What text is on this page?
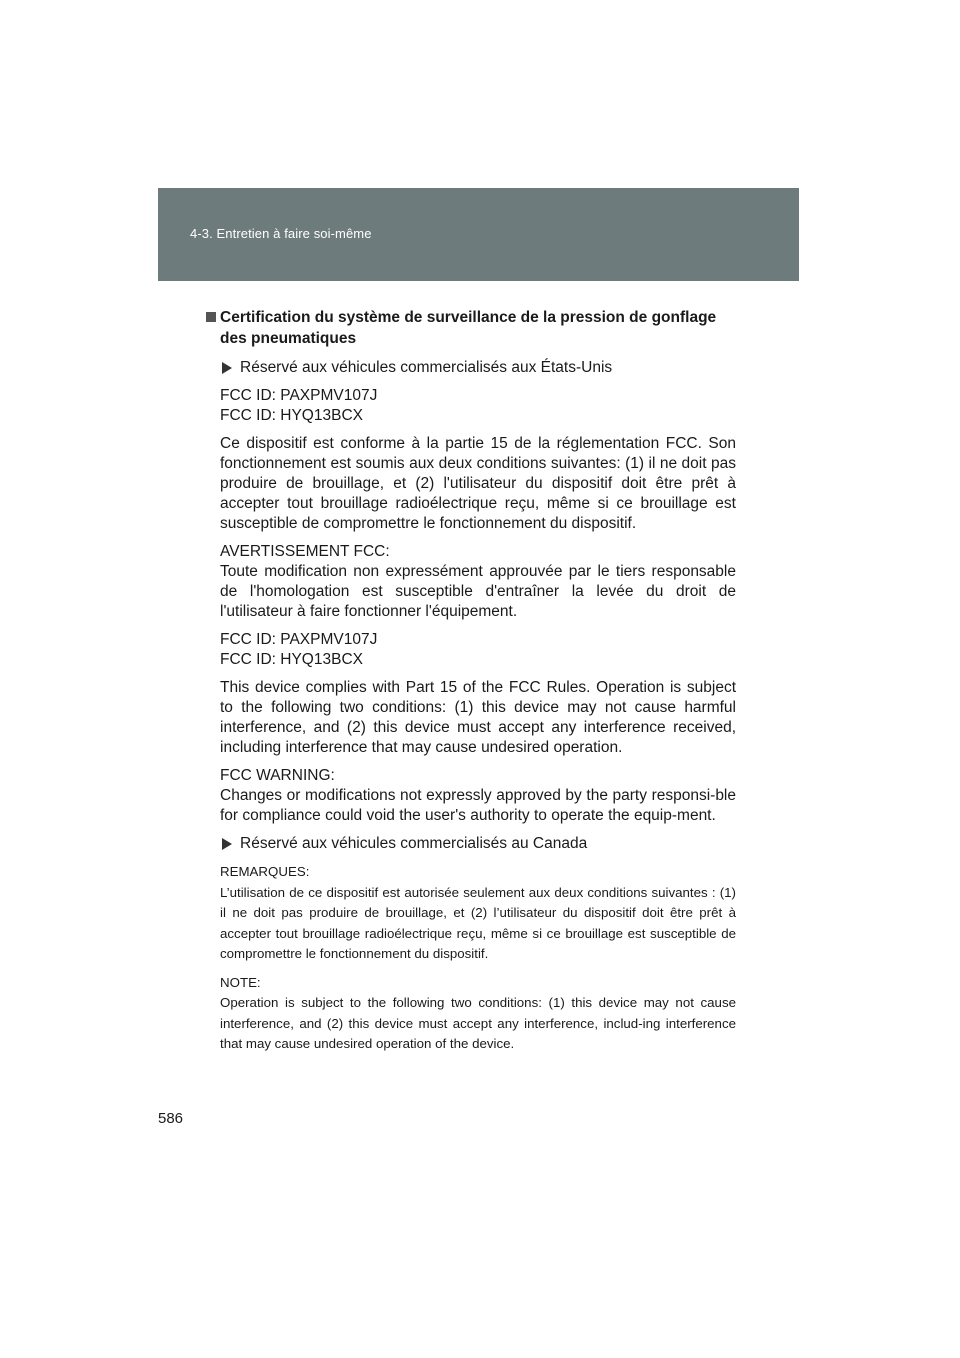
4-3. Entretien à faire soi-même
Certification du système de surveillance de la pression de gonflage
des pneumatiques
Réservé aux véhicules commercialisés aux États-Unis
FCC ID: PAXPMV107J
FCC ID: HYQ13BCX
Ce dispositif est conforme à la partie 15 de la réglementation FCC. Son fonctionnement est soumis aux deux conditions suivantes: (1) il ne doit pas produire de brouillage, et (2) l'utilisateur du dispositif doit être prêt à accepter tout brouillage radioélectrique reçu, même si ce brouillage est susceptible de compromettre le fonctionnement du dispositif.
AVERTISSEMENT FCC:
Toute modification non expressément approuvée par le tiers responsable de l'homologation est susceptible d'entraîner la levée du droit de l'utilisateur à faire fonctionner l'équipement.
FCC ID: PAXPMV107J
FCC ID: HYQ13BCX
This device complies with Part 15 of the FCC Rules. Operation is subject to the following two conditions: (1) this device may not cause harmful interference, and (2) this device must accept any interference received, including interference that may cause undesired operation.
FCC WARNING:
Changes or modifications not expressly approved by the party responsi-ble for compliance could void the user's authority to operate the equip-ment.
Réservé aux véhicules commercialisés au Canada
REMARQUES:
L’utilisation de ce dispositif est autorisée seulement aux deux conditions suivantes : (1) il ne doit pas produire de brouillage, et (2) l’utilisateur du dispositif doit être prêt à accepter tout brouillage radioélectrique reçu, même si ce brouillage est susceptible de compromettre le fonctionnement du dispositif.
NOTE:
Operation is subject to the following two conditions: (1) this device may not cause interference, and (2) this device must accept any interference, includ-ing interference that may cause undesired operation of the device.
586
